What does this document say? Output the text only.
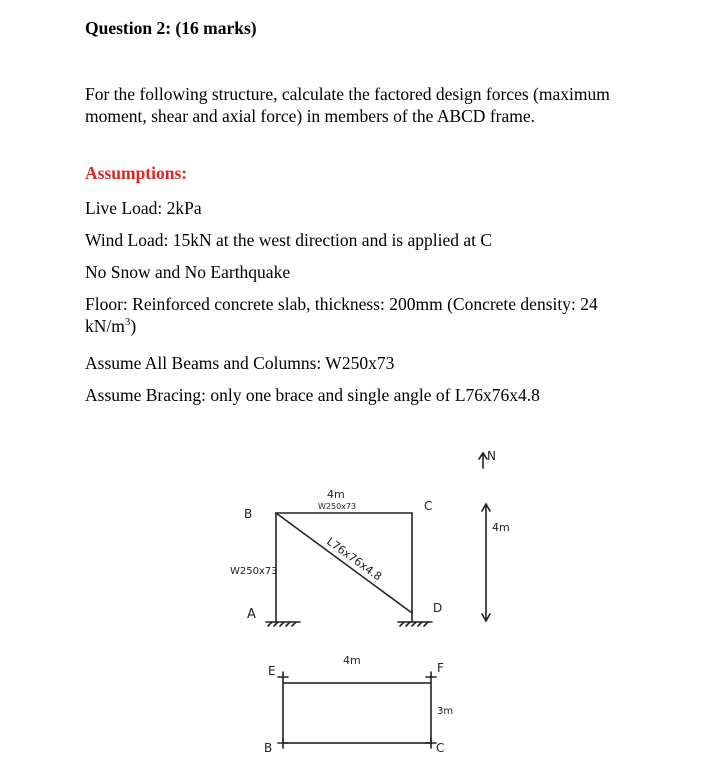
Question 2: (16 marks)

For the following structure, calculate the factored design forces (maximum moment, shear and axial force) in members of the ABCD frame.

Assumptions:

Live Load: 2kPa

Wind Load: 15kN at the west direction and is applied at C

No Snow and No Earthquake

Floor: Reinforced concrete slab, thickness: 200mm (Concrete density: 24 $kN/m^3$)

Assume All Beams and Columns: W250x73

Assume Bracing: only one brace and single angle of L76x76x4.8

N
4m
W250x73
L76x76x4.8
W250x73
4m
B
C
A	D
4m
3m
E	F
B	C
